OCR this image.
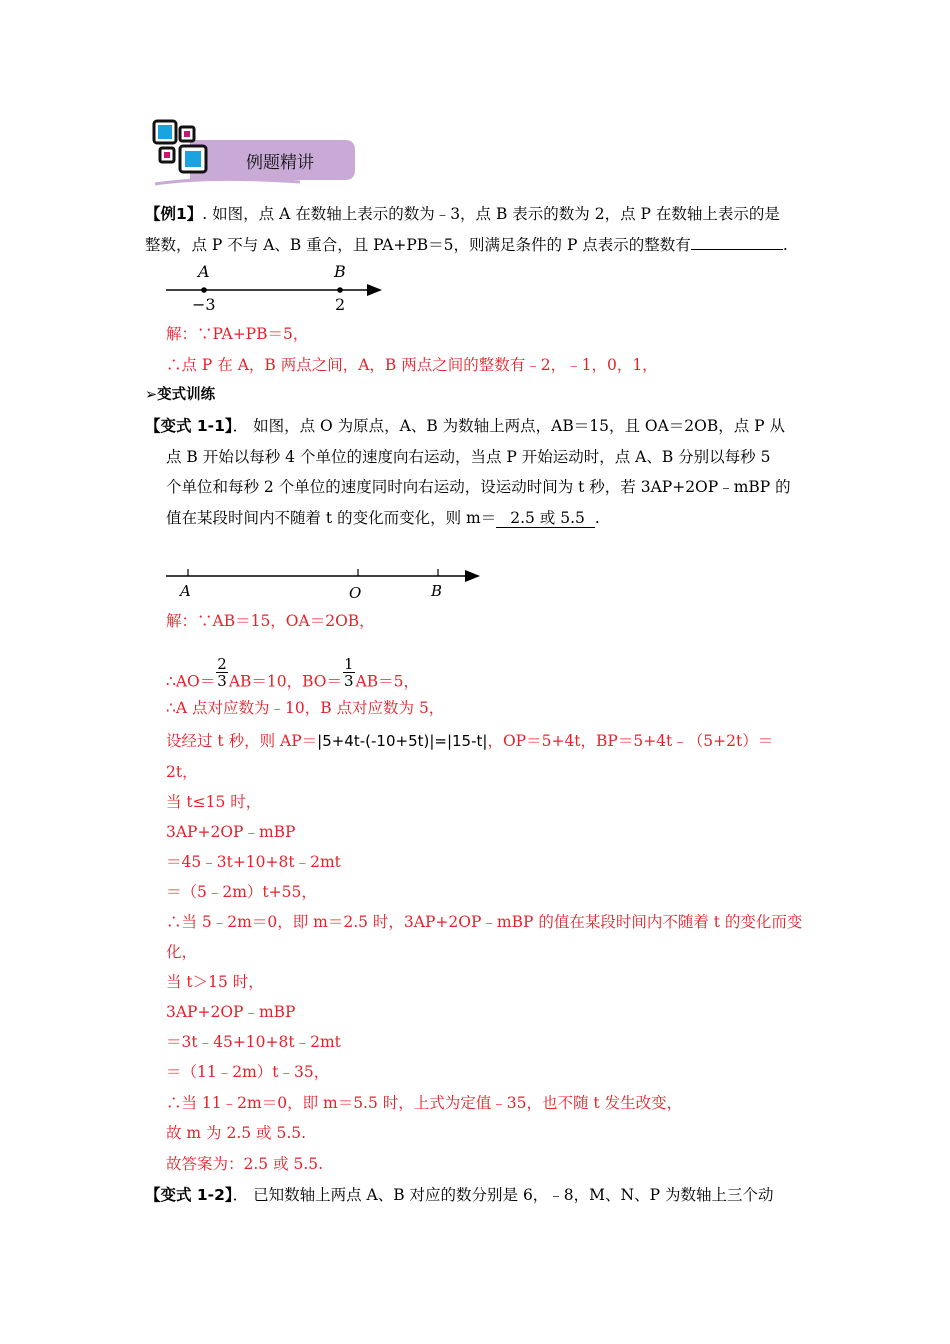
例题精讲
【例1】. 如图，点 A 在数轴上表示的数为﹣3，点 B 表示的数为 2，点 P 在数轴上表示的是
整数，点 P 不与 A、B 重合，且 PA+PB＝5，则满足条件的 P 点表示的整数有	.
A	B
−3	2
解：∵PA+PB＝5，
∴点 P 在 A，B 两点之间，A，B 两点之间的整数有﹣2，﹣1，0，1，
➢变式训练
【变式 1-1】． 如图，点 O 为原点，A、B 为数轴上两点，AB＝15，且 OA＝2OB，点 P 从
点 B 开始以每秒 4 个单位的速度向右运动，当点 P 开始运动时，点 A、B 分别以每秒 5
个单位和每秒 2 个单位的速度同时向右运动，设运动时间为 t 秒，若 3AP+2OP﹣mBP 的
值在某段时间内不随着 t 的变化而变化，则 m＝ 2.5 或 5.5 .
A	O	B
解：∵AB＝15，OA＝2OB，
∴AO＝ $\frac{2}{3} AB=10$，$BO= \frac{1}{3} AB=5$，
∴A 点对应数为﹣10，B 点对应数为 5，
设经过 t 秒，则 AP＝|5+4t-(-10+5t)|=|15-t|，OP＝5+4t，BP＝5+4t﹣（5+2t）＝
2t，
当 t≤15 时，
3AP+2OP﹣mBP
＝45﹣3t+10+8t﹣2mt
＝（5﹣2m）t+55，
∴当 5﹣2m＝0，即 m＝2.5 时，3AP+2OP﹣mBP 的值在某段时间内不随着 t 的变化而变
化，
当 t＞15 时，
3AP+2OP﹣mBP
＝3t﹣45+10+8t﹣2mt
＝（11﹣2m）t﹣35，
∴当 11﹣2m＝0，即 m＝5.5 时，上式为定值﹣35，也不随 t 发生改变，
故 m 为 2.5 或 5.5.
故答案为：2.5 或 5.5.
【变式 1-2】． 已知数轴上两点 A、B 对应的数分别是 6，﹣8，M、N、P 为数轴上三个动
